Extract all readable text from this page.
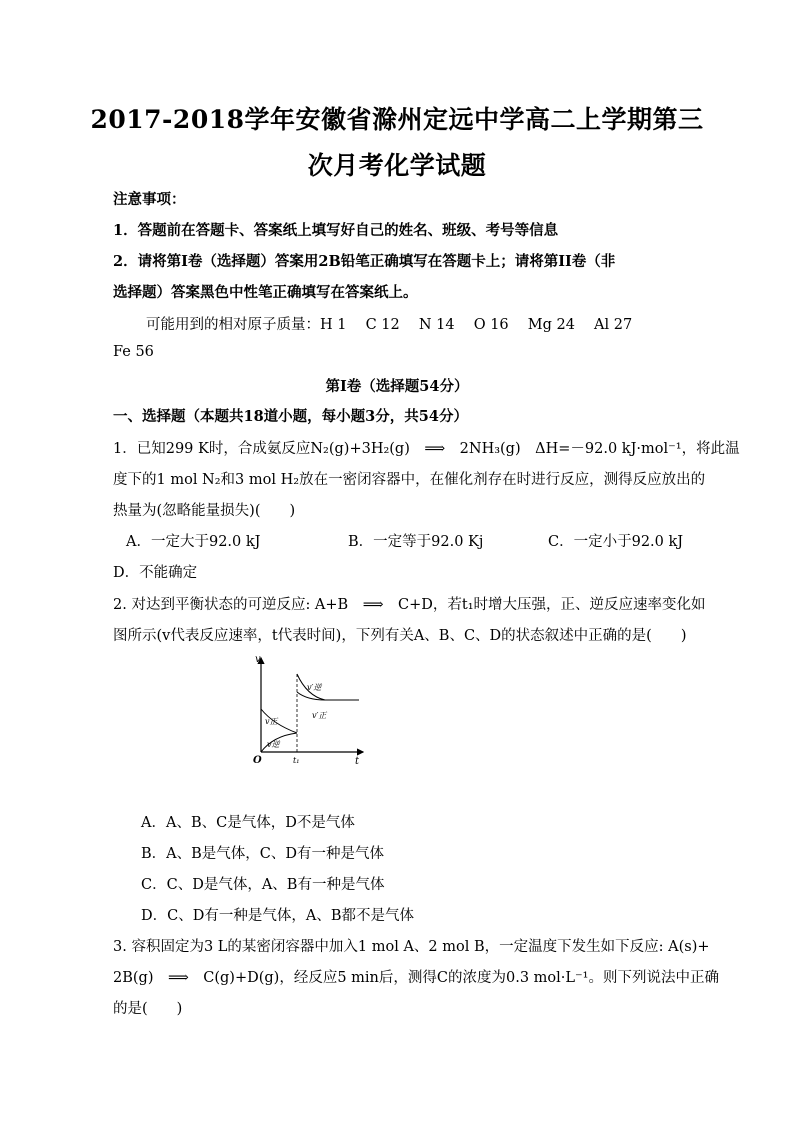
2017-2018学年安徽省滁州定远中学高二上学期第三
次月考化学试题
注意事项：
1．答题前在答题卡、答案纸上填写好自己的姓名、班级、考号等信息
2．请将第I卷（选择题）答案用2B铅笔正确填写在答题卡上；请将第II卷（非
选择题）答案黑色中性笔正确填写在答案纸上。
可能用到的相对原子质量：H 1　 C 12　 N 14　 O 16　 Mg 24　 Al 27
Fe 56
第I卷（选择题54分）
一、选择题（本题共18道小题，每小题3分，共54分）
1．已知299 K时，合成氨反应N₂(g)+3H₂(g)　⟹　2NH₃(g)　ΔH=－92.0 kJ·mol⁻¹，将此温
度下的1 mol N₂和3 mol H₂放在一密闭容器中，在催化剂存在时进行反应，测得反应放出的
热量为(忽略能量损失)(　　)
A．一定大于92.0 kJ	B．一定等于92.0 Kj	C．一定小于92.0 kJ
D．不能确定
2. 对达到平衡状态的可逆反应: A+B　⟹　C+D，若t₁时增大压强，正、逆反应速率变化如
图所示(v代表反应速率，t代表时间)，下列有关A、B、C、D的状态叙述中正确的是(　　)
v
t
O	t₁
v正
v逆
v′逆
v′正
A．A、B、C是气体，D不是气体
B．A、B是气体，C、D有一种是气体
C．C、D是气体，A、B有一种是气体
D．C、D有一种是气体，A、B都不是气体
3. 容积固定为3 L的某密闭容器中加入1 mol A、2 mol B，一定温度下发生如下反应: A(s)+
2B(g)　⟹　C(g)+D(g)，经反应5 min后，测得C的浓度为0.3 mol·L⁻¹。则下列说法中正确
的是(　　)
